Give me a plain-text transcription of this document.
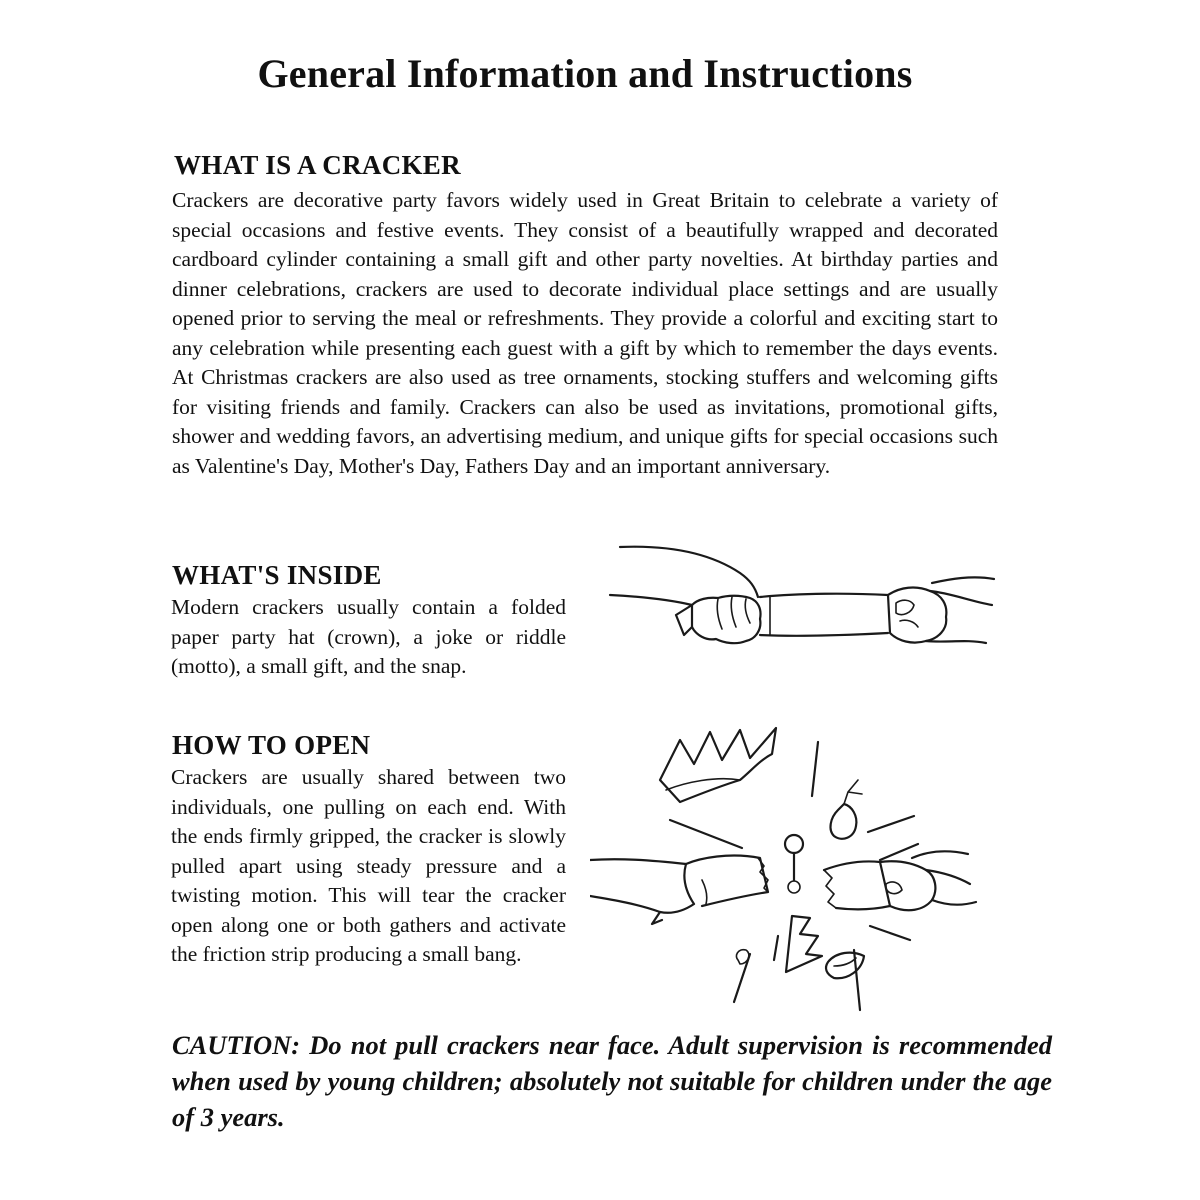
General Information and Instructions
WHAT IS A CRACKER

Crackers are decorative party favors widely used in Great Britain to celebrate a variety of special occasions and festive events. They consist of a beautifully wrapped and decorated cardboard cylinder containing a small gift and other party novelties. At birthday parties and dinner celebrations, crackers are used to decorate individual place settings and are usually opened prior to serving the meal or refreshments. They provide a colorful and exciting start to any celebration while presenting each guest with a gift by which to remember the days events. At Christmas crackers are also used as tree ornaments, stocking stuffers and welcoming gifts for visiting friends and family. Crackers can also be used as invitations, promotional gifts, shower and wedding favors, an advertising medium, and unique gifts for special occasions such as Valentine's Day, Mother's Day, Fathers Day and an important anniversary.

WHAT'S INSIDE

Modern crackers usually contain a folded paper party hat (crown), a joke or riddle (motto), a small gift, and the snap.

HOW TO OPEN

Crackers are usually shared between two individuals, one pulling on each end. With the ends firmly gripped, the cracker is slowly pulled apart using steady pressure and a twisting motion. This will tear the cracker open along one or both gathers and activate the friction strip producing a small bang.

CAUTION: Do not pull crackers near face. Adult supervision is recommended when used by young children; absolutely not suitable for children under the age of 3 years.
